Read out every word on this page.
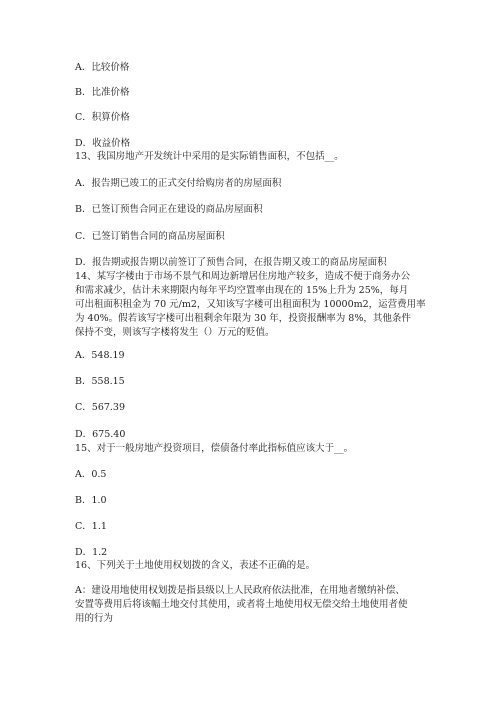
A．比较价格
B．比准价格
C．积算价格
D．收益价格
13、我国房地产开发统计中采用的是实际销售面积，不包括__。
A．报告期已竣工的正式交付给购房者的房屋面积
B．已签订预售合同正在建设的商品房屋面积
C．已签订销售合同的商品房屋面积
D．报告期或报告期以前签订了预售合同，在报告期又竣工的商品房屋面积
14、某写字楼由于市场不景气和周边新增居住房地产较多，造成不便于商务办公
和需求减少，估计未来期限内每年平均空置率由现在的 15%上升为 25%，每月
可出租面积租金为 70 元/m2，又知该写字楼可出租面积为 10000m2，运营费用率
为 40%。假若该写字楼可出租剩余年限为 30 年，投资报酬率为 8%，其他条件
保持不变，则该写字楼将发生（）万元的贬值。
A．548.19
B．558.15
C．567.39
D．675.40
15、对于一般房地产投资项目，偿债备付率此指标值应该大于__。
A．0.5
B．1.0
C．1.1
D．1.2
16、下列关于土地使用权划拨的含义，表述不正确的是。
A：建设用地使用权划拨是指县级以上人民政府依法批准，在用地者缴纳补偿、
安置等费用后将该幅土地交付其使用，或者将土地使用权无偿交给土地使用者使
用的行为
